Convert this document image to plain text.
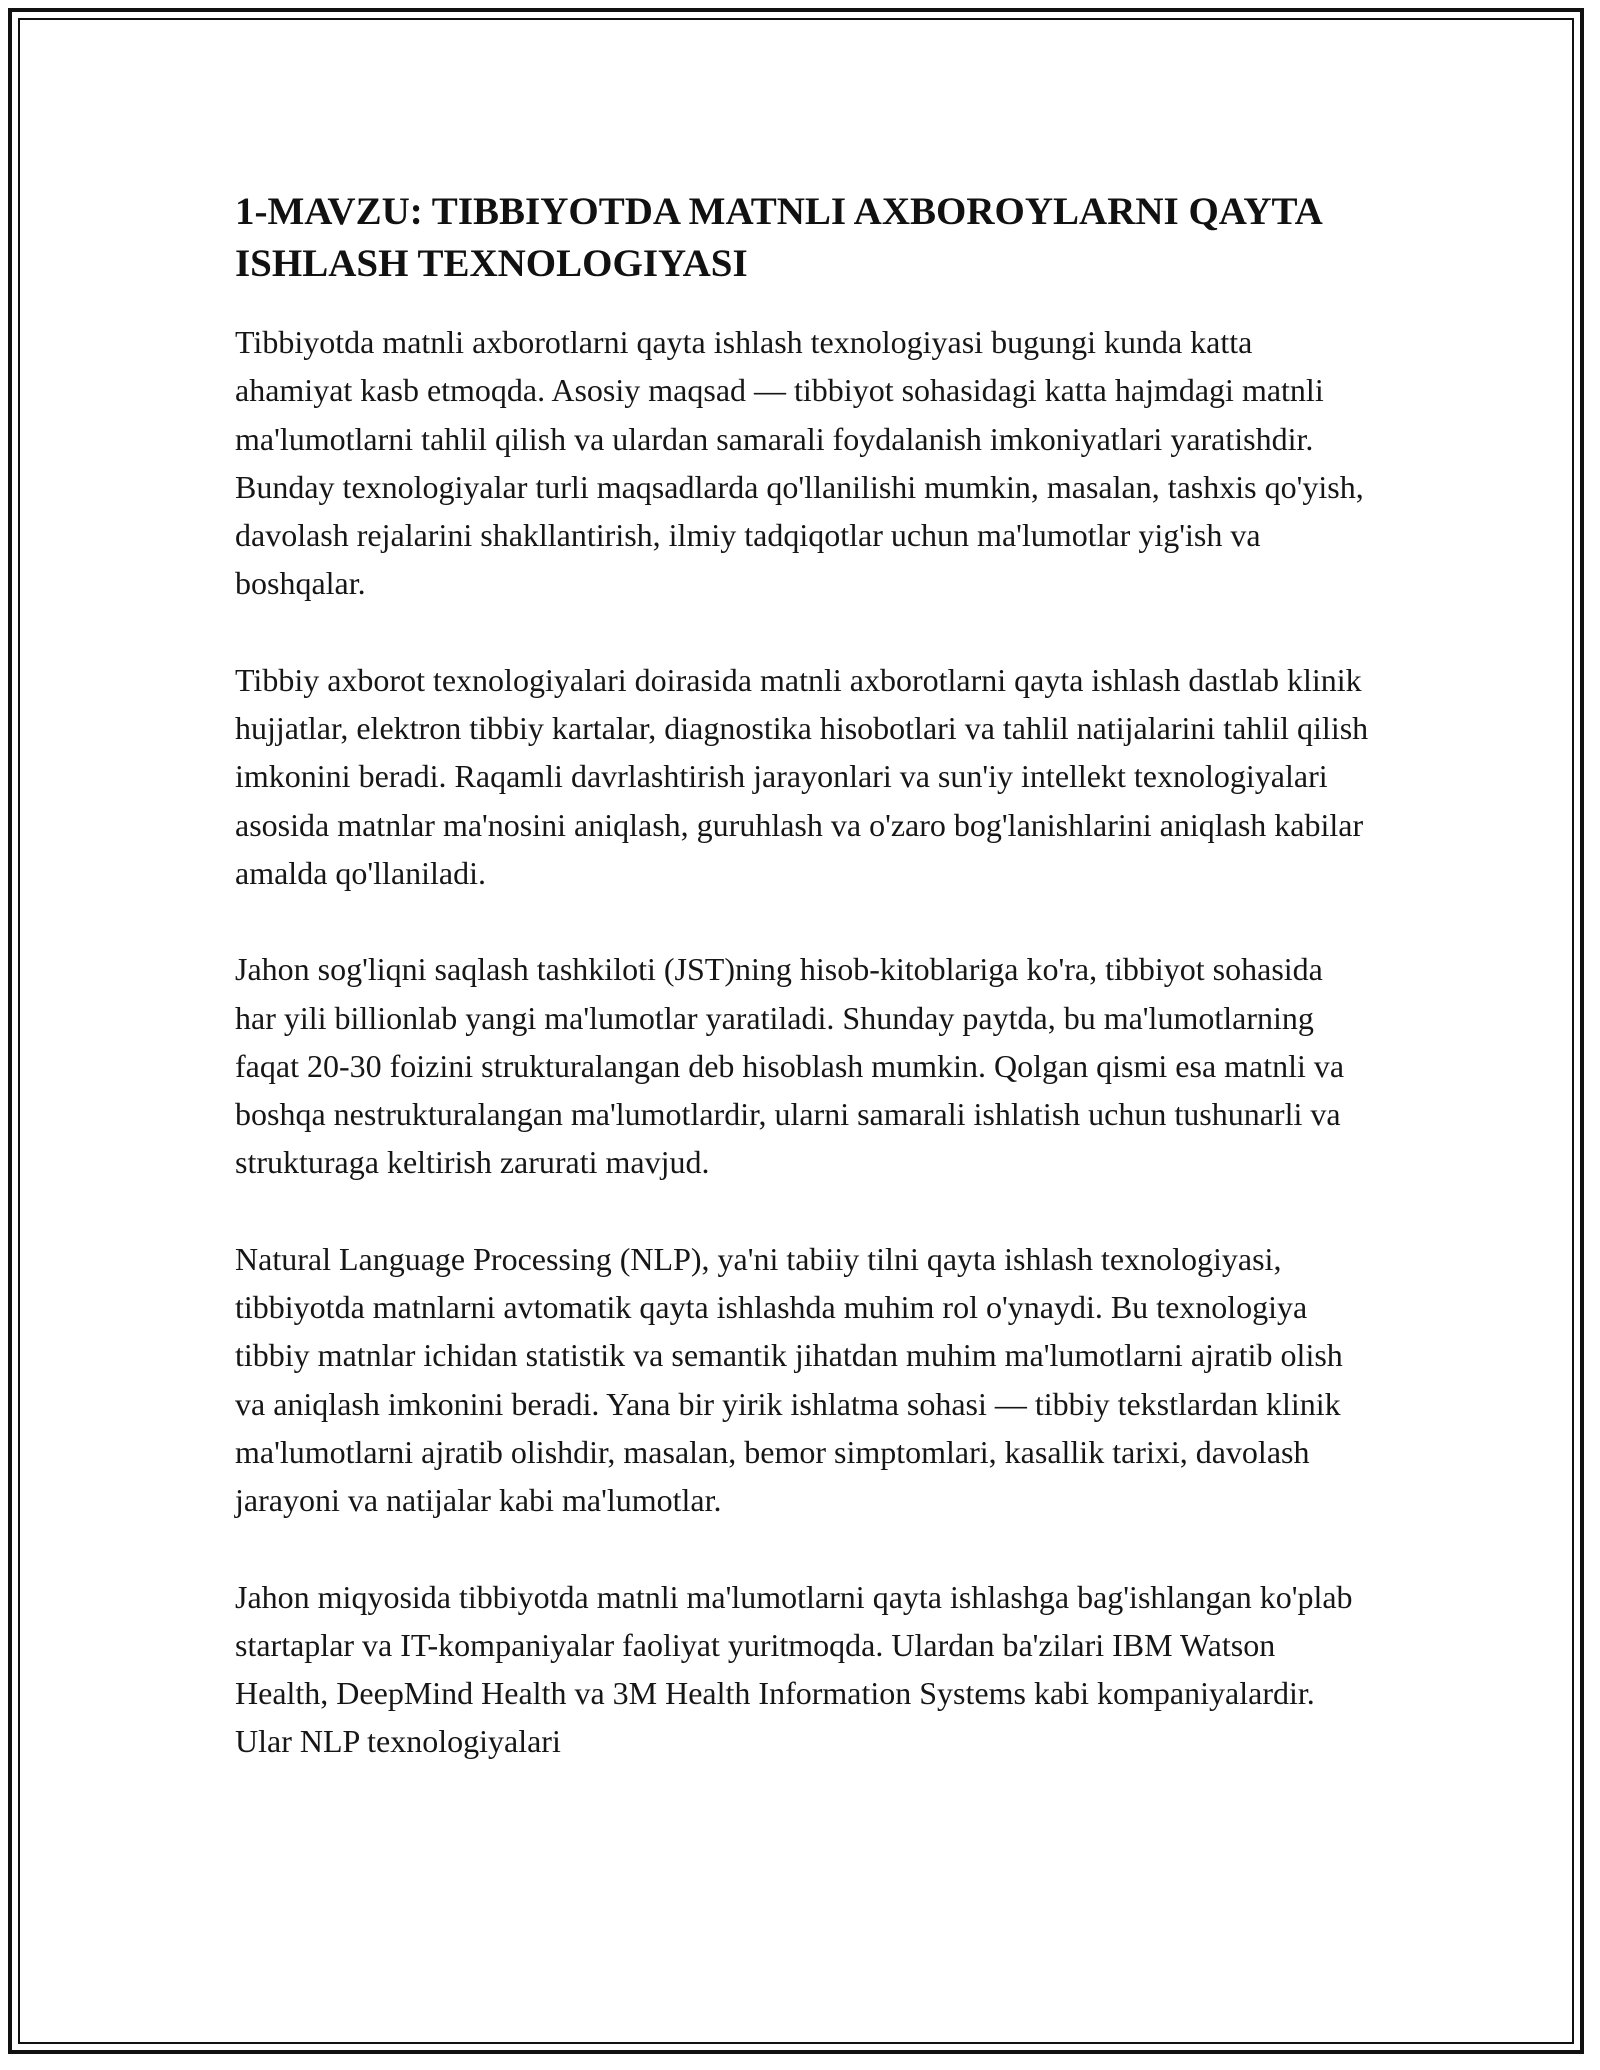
1-MAVZU: TIBBIYOTDA MATNLI AXBOROYLARNI QAYTA ISHLASH TEXNOLOGIYASI

Tibbiyotda matnli axborotlarni qayta ishlash texnologiyasi bugungi kunda katta ahamiyat kasb etmoqda. Asosiy maqsad — tibbiyot sohasidagi katta hajmdagi matnli ma'lumotlarni tahlil qilish va ulardan samarali foydalanish imkoniyatlari yaratishdir. Bunday texnologiyalar turli maqsadlarda qo'llanilishi mumkin, masalan, tashxis qo'yish, davolash rejalarini shakllantirish, ilmiy tadqiqotlar uchun ma'lumotlar yig'ish va boshqalar.

Tibbiy axborot texnologiyalari doirasida matnli axborotlarni qayta ishlash dastlab klinik hujjatlar, elektron tibbiy kartalar, diagnostika hisobotlari va tahlil natijalarini tahlil qilish imkonini beradi. Raqamli davrlashtirish jarayonlari va sun'iy intellekt texnologiyalari asosida matnlar ma'nosini aniqlash, guruhlash va o'zaro bog'lanishlarini aniqlash kabilar amalda qo'llaniladi.

Jahon sog'liqni saqlash tashkiloti (JST)ning hisob-kitoblariga ko'ra, tibbiyot sohasida har yili billionlab yangi ma'lumotlar yaratiladi. Shunday paytda, bu ma'lumotlarning faqat 20-30 foizini strukturalangan deb hisoblash mumkin. Qolgan qismi esa matnli va boshqa nestrukturalangan ma'lumotlardir, ularni samarali ishlatish uchun tushunarli va strukturaga keltirish zarurati mavjud.

Natural Language Processing (NLP), ya'ni tabiiy tilni qayta ishlash texnologiyasi, tibbiyotda matnlarni avtomatik qayta ishlashda muhim rol o'ynaydi. Bu texnologiya tibbiy matnlar ichidan statistik va semantik jihatdan muhim ma'lumotlarni ajratib olish va aniqlash imkonini beradi. Yana bir yirik ishlatma sohasi — tibbiy tekstlardan klinik ma'lumotlarni ajratib olishdir, masalan, bemor simptomlari, kasallik tarixi, davolash jarayoni va natijalar kabi ma'lumotlar.

Jahon miqyosida tibbiyotda matnli ma'lumotlarni qayta ishlashga bag'ishlangan ko'plab startaplar va IT-kompaniyalar faoliyat yuritmoqda. Ulardan ba'zilari IBM Watson Health, DeepMind Health va 3M Health Information Systems kabi kompaniyalardir. Ular NLP texnologiyalari
